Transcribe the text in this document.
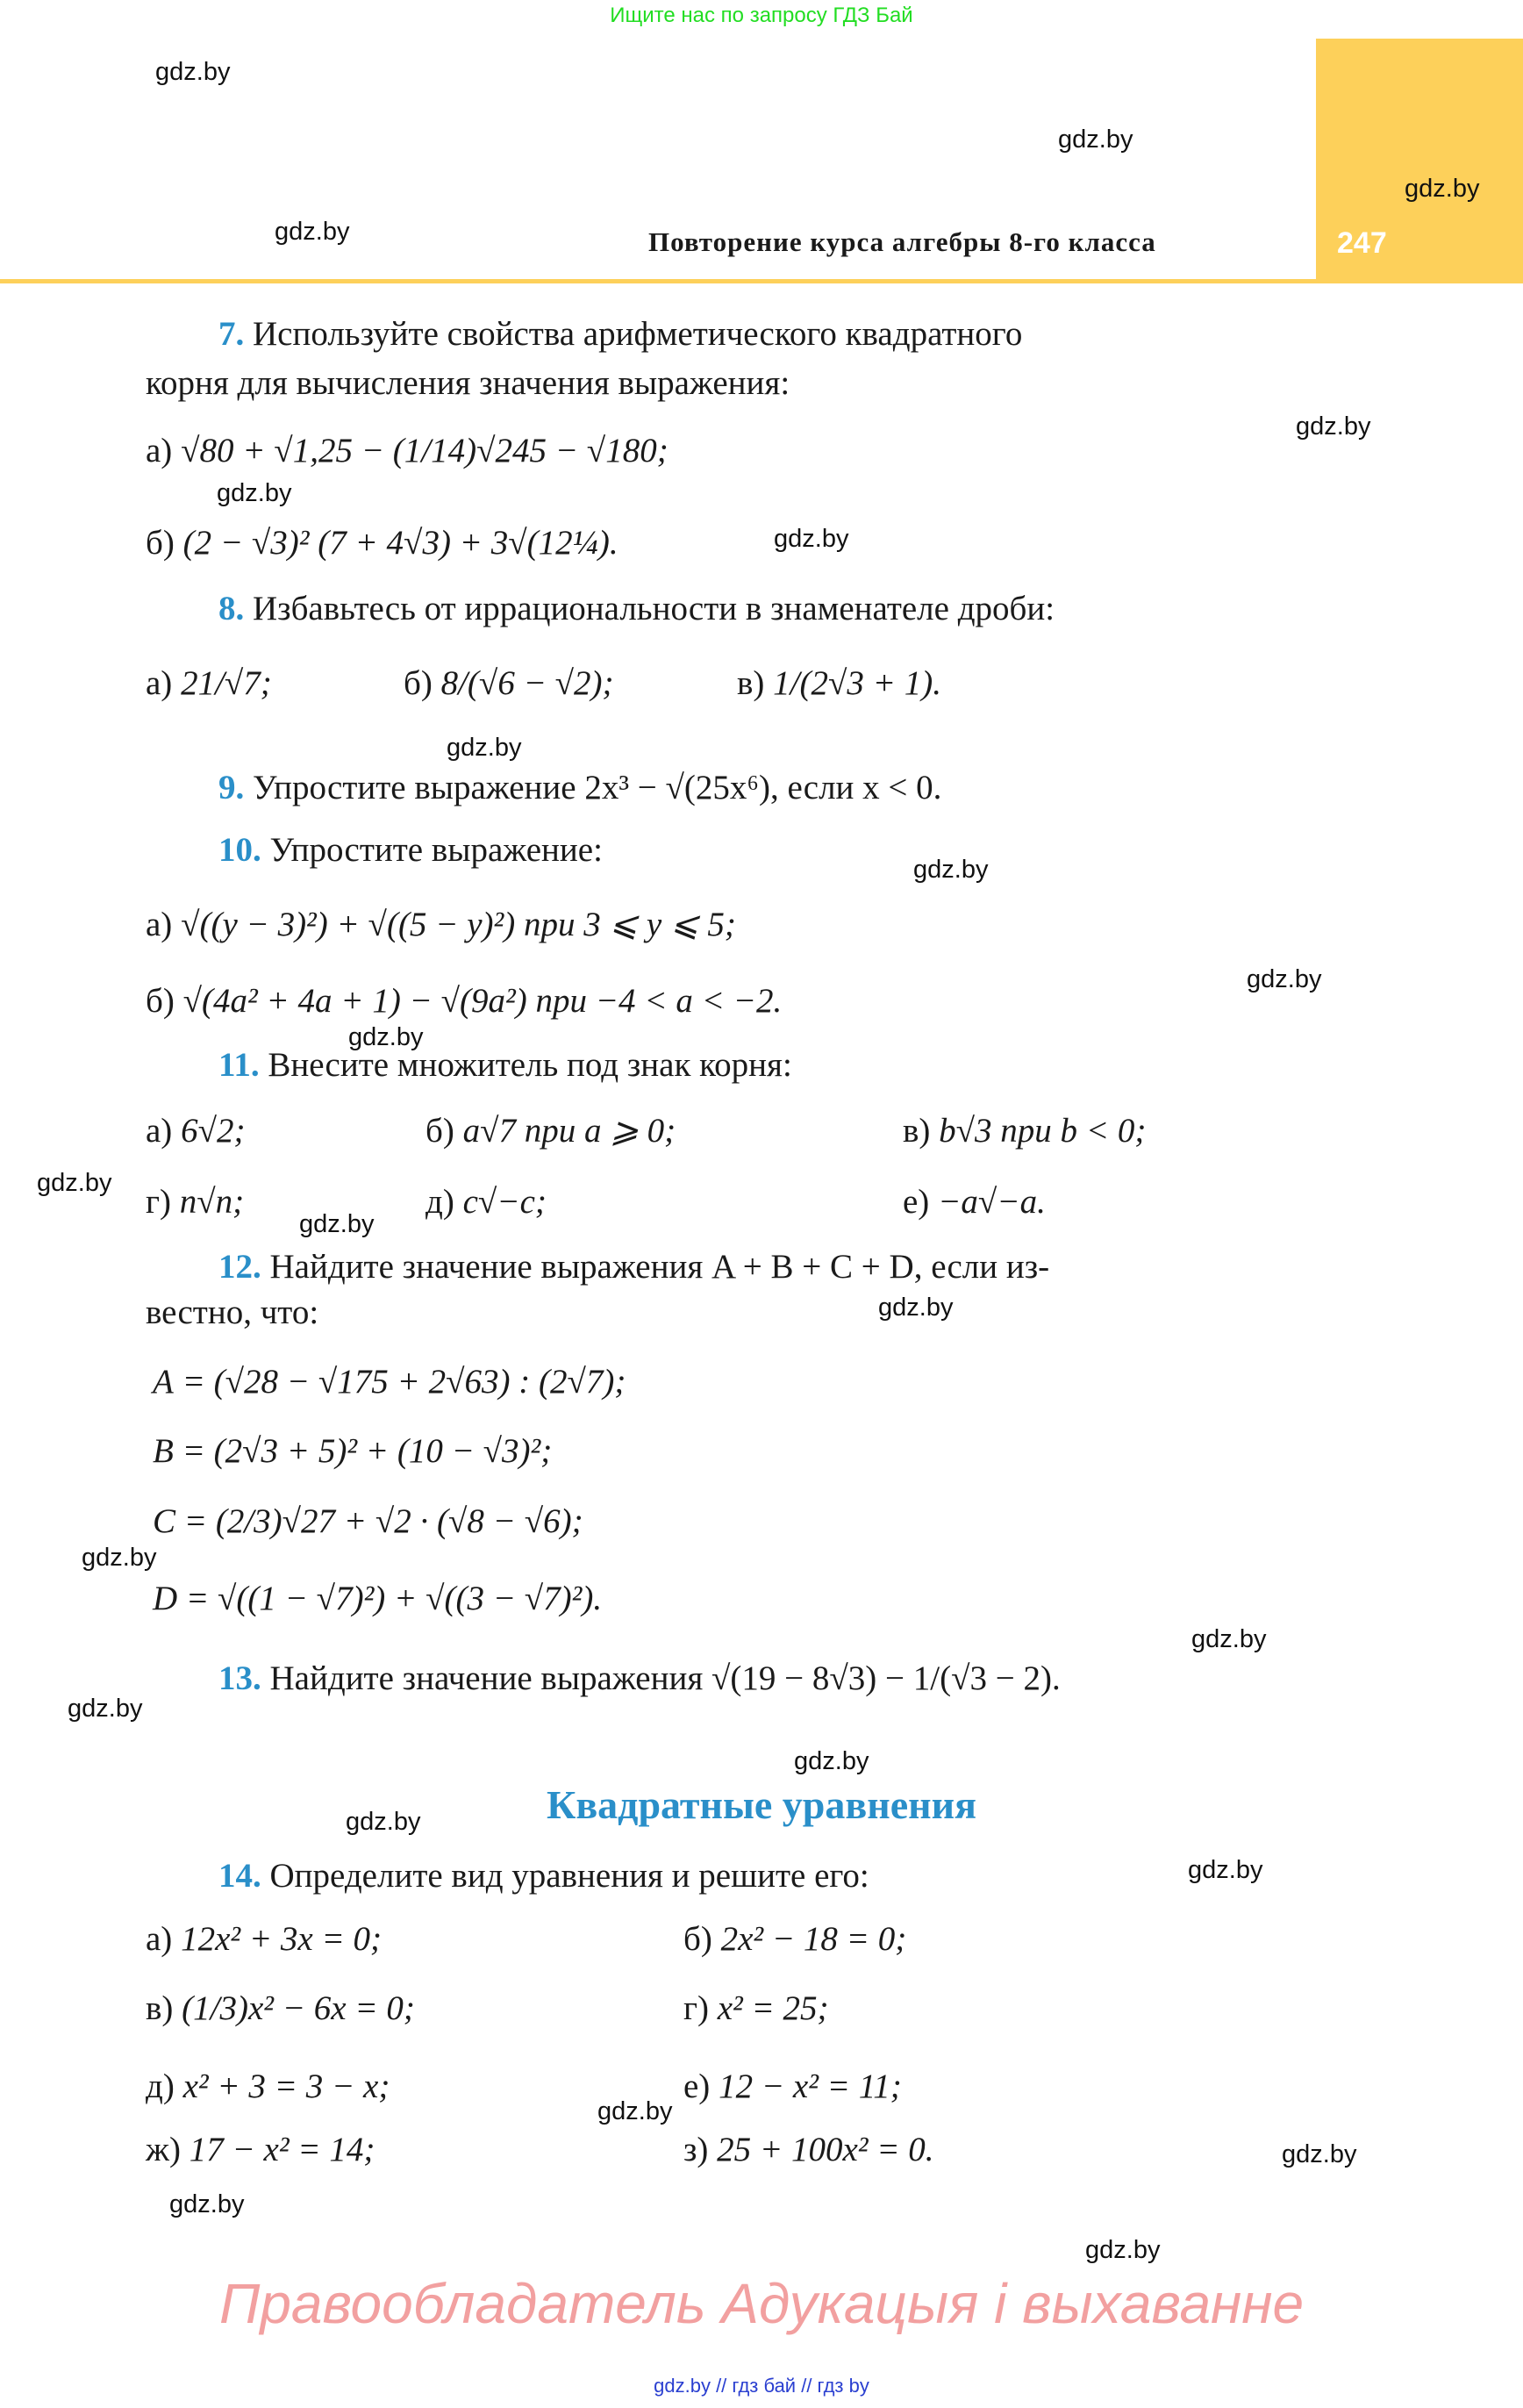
Ищите нас по запросу ГДЗ Бай
Повторение курса алгебры 8-го класса	247
7. Используйте свойства арифметического квадратного
корня для вычисления значения выражения:
а) √80 + √1,25 − (1/14)√245 − √180;
б) (2 − √3)² (7 + 4√3) + 3√(12¼).
8. Избавьтесь от иррациональности в знаменателе дроби:
а) 21/√7;	б) 8/(√6 − √2);	в) 1/(2√3 + 1).
9. Упростите выражение 2x³ − √(25x⁶), если x < 0.
10. Упростите выражение:
а) √((y − 3)²) + √((5 − y)²) при 3 ⩽ y ⩽ 5;
б) √(4a² + 4a + 1) − √(9a²) при −4 < a < −2.
11. Внесите множитель под знак корня:
а) 6√2;	б) a√7 при a ⩾ 0;	в) b√3 при b < 0;
г) n√n;	д) c√−c;	е) −a√−a.
12. Найдите значение выражения A + B + C + D, если из-
вестно, что:
A = (√28 − √175 + 2√63) : (2√7);
B = (2√3 + 5)² + (10 − √3)²;
C = (2/3)√27 + √2 · (√8 − √6);
D = √((1 − √7)²) + √((3 − √7)²).
13. Найдите значение выражения √(19 − 8√3) − 1/(√3 − 2).
Квадратные уравнения
14. Определите вид уравнения и решите его:
а) 12x² + 3x = 0;	б) 2x² − 18 = 0;
в) (1/3)x² − 6x = 0;	г) x² = 25;
д) x² + 3 = 3 − x;	е) 12 − x² = 11;
ж) 17 − x² = 14;	з) 25 + 100x² = 0.
Правообладатель Адукацыя і выхаванне
gdz.by // гдз бай // гдз by
gdz.by
gdz.by
gdz.by
gdz.by
gdz.by
gdz.by
gdz.by
gdz.by
gdz.by
gdz.by
gdz.by
gdz.by
gdz.by
gdz.by
gdz.by
gdz.by
gdz.by
gdz.by
gdz.by
gdz.by
gdz.by
gdz.by
gdz.by
gdz.by
